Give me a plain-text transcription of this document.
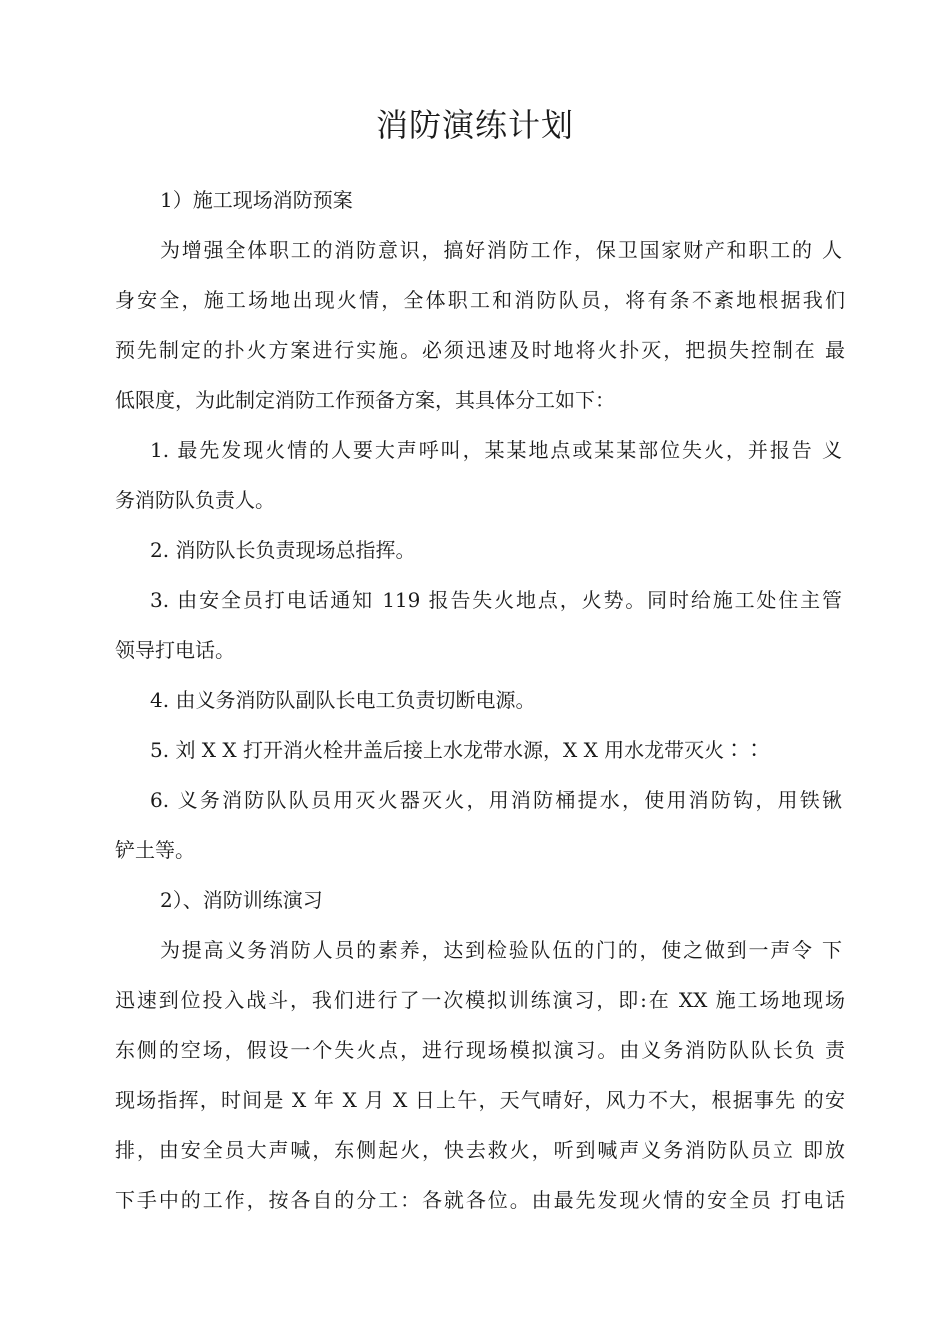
消防演练计划
1）施工现场消防预案
为增强全体职工的消防意识，搞好消防工作，保卫国家财产和职工的 人
身安全，施工场地出现火情，全体职工和消防队员，将有条不紊地根据我们
预先制定的扑火方案进行实施。必须迅速及时地将火扑灭，把损失控制在 最
低限度，为此制定消防工作预备方案，其具体分工如下：
1. 最先发现火情的人要大声呼叫，某某地点或某某部位失火，并报告 义
务消防队负责人。
2. 消防队长负责现场总指挥。
3. 由安全员打电话通知 119 报告失火地点，火势。同时给施工处住主管
领导打电话。
4. 由义务消防队副队长电工负责切断电源。
5. 刘 X X 打开消火栓井盖后接上水龙带水源，X X 用水龙带灭火∶∶
6. 义务消防队队员用灭火器灭火，用消防桶提水，使用消防钩，用铁锹
铲土等。
2）、消防训练演习
为提高义务消防人员的素养，达到检验队伍的门的，使之做到一声令 下
迅速到位投入战斗，我们进行了一次模拟训练演习，即:在 XX 施工场地现场
东侧的空场，假设一个失火点，进行现场模拟演习。由义务消防队队长负 责
现场指挥，时间是 X 年 X 月 X 日上午，天气晴好，风力不大，根据事先 的安
排，由安全员大声喊，东侧起火，快去救火，听到喊声义务消防队员立 即放
下手中的工作，按各自的分工：各就各位。由最先发现火情的安全员 打电话
